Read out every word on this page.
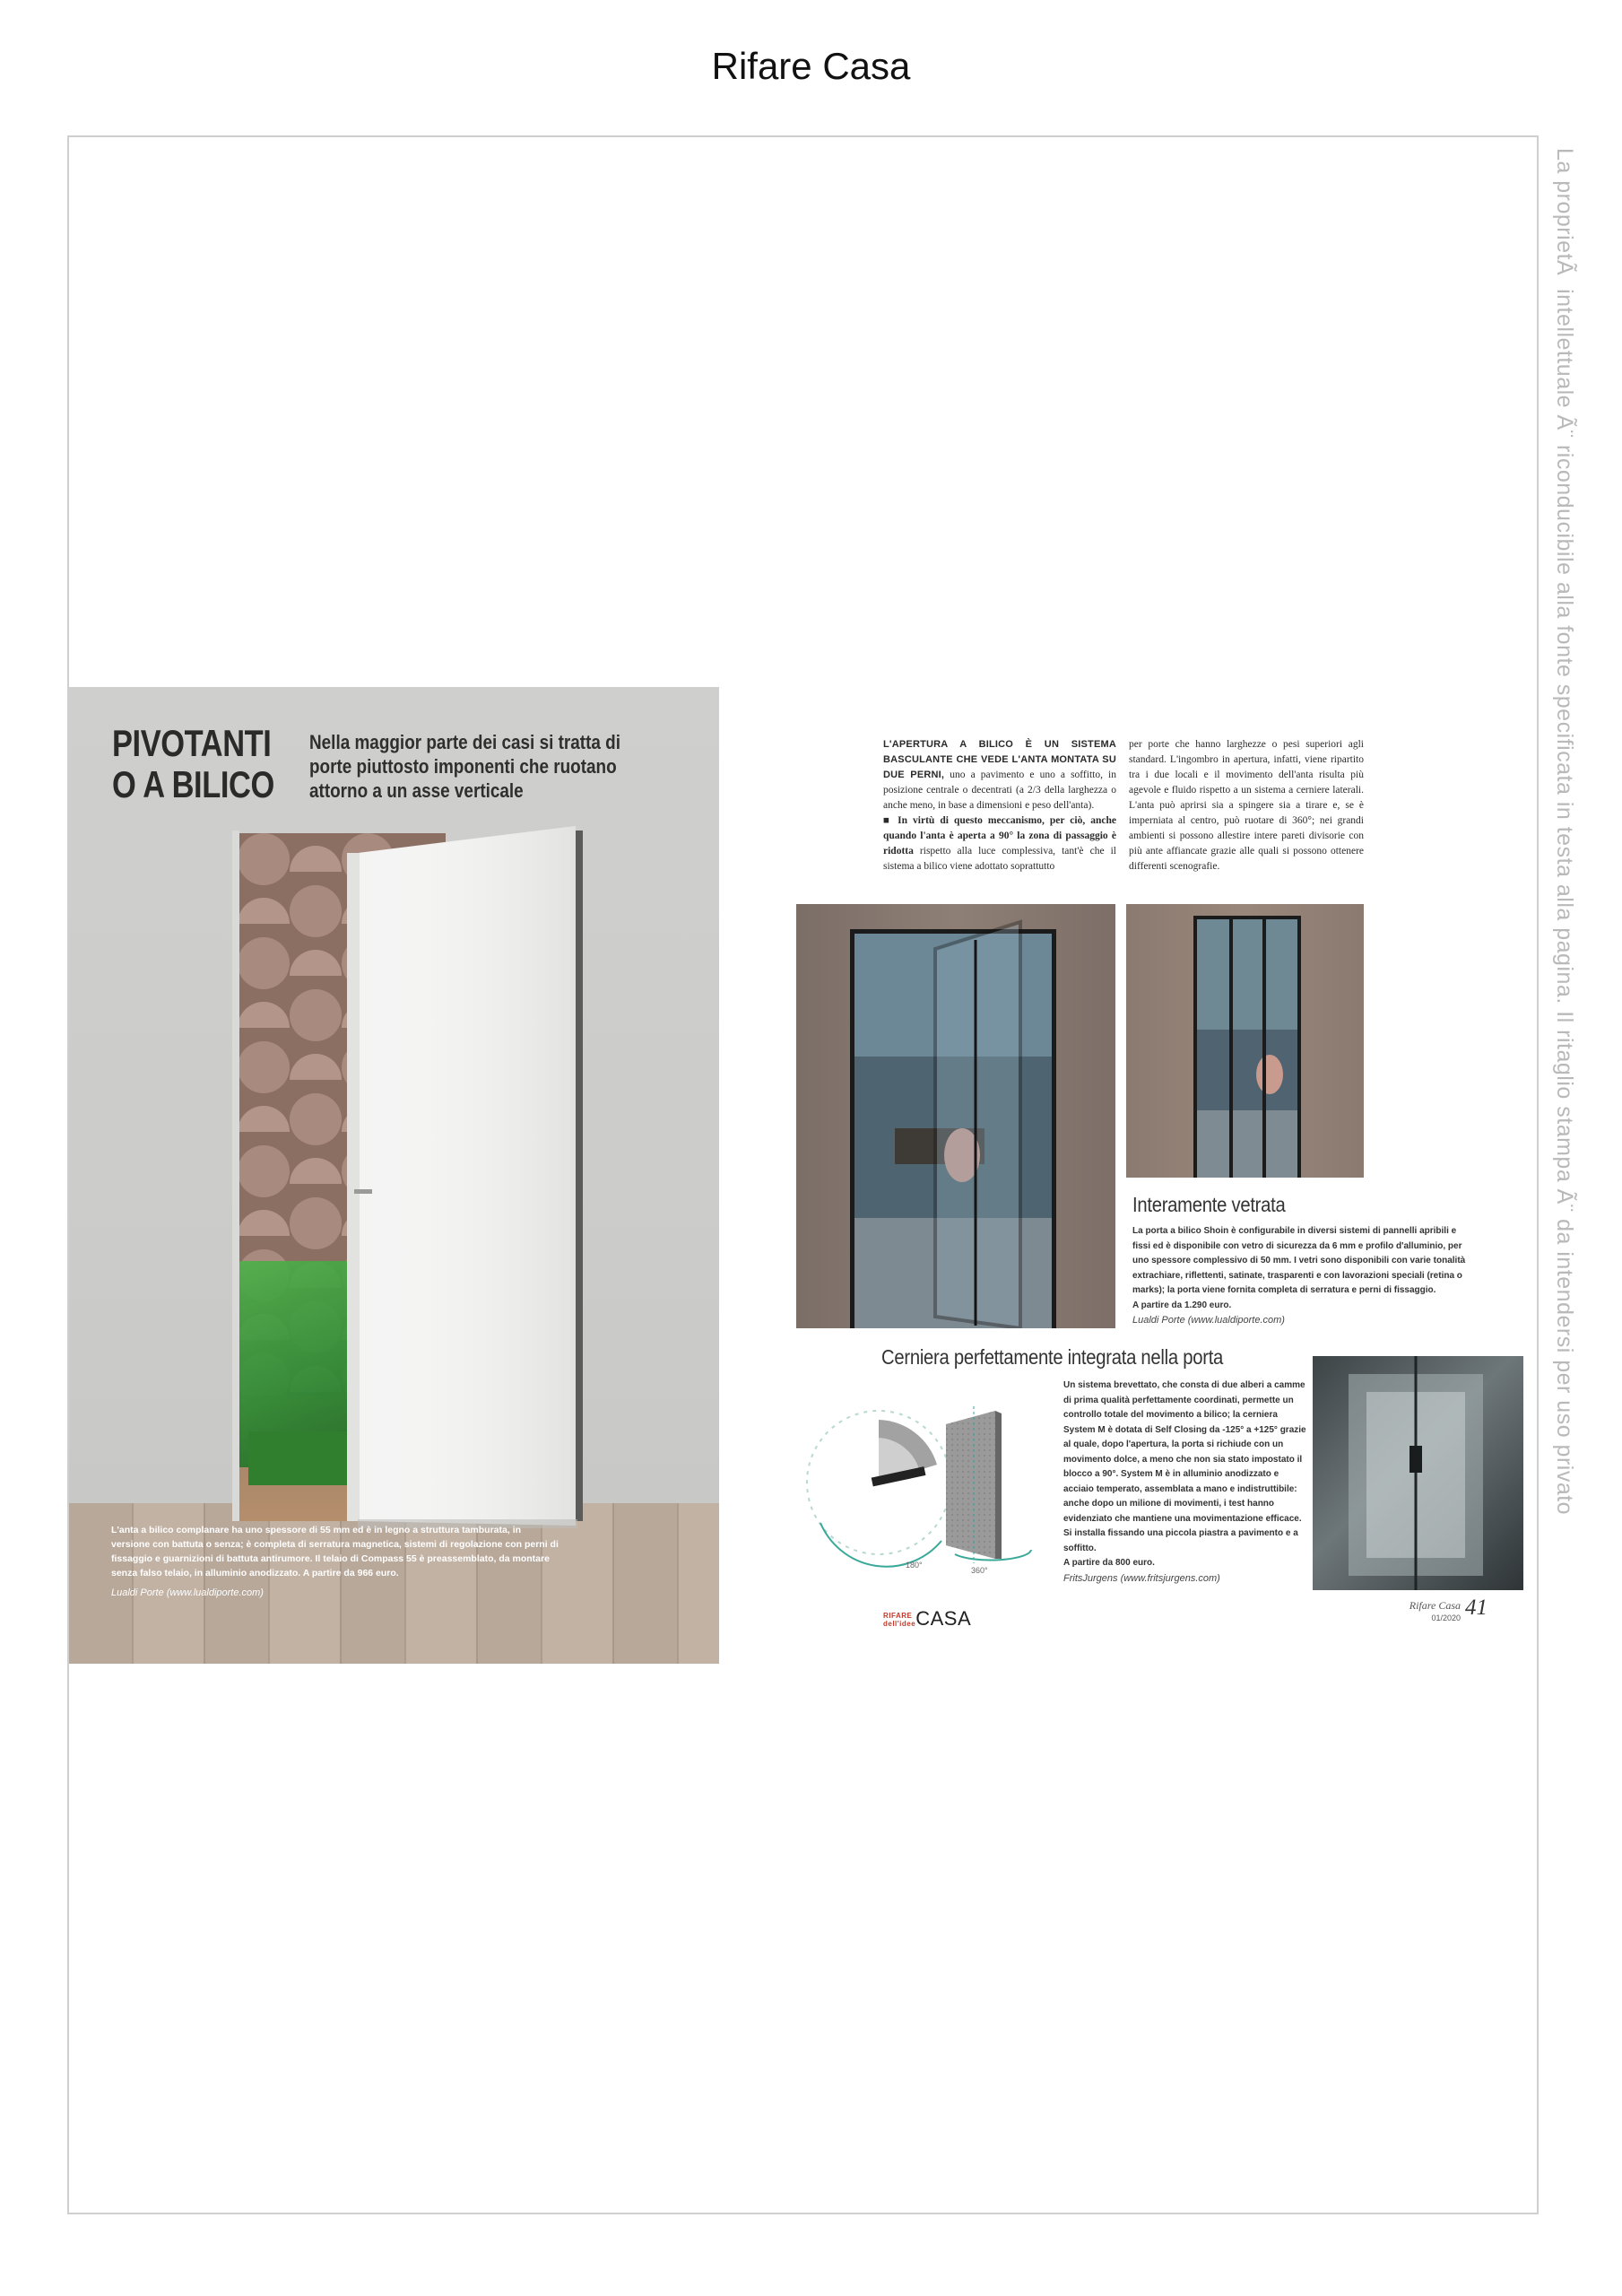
Rifare Casa
La proprietÃ  intellettuale Ã¨ riconducibile alla fonte specificata in testa alla pagina. Il ritaglio stampa Ã¨ da intendersi per uso privato
PIVOTANTI
O A BILICO
Nella maggior parte dei casi si tratta di porte piuttosto imponenti che ruotano attorno a un asse verticale
L'anta a bilico complanare ha uno spessore di 55 mm ed è in legno a struttura tamburata, in versione con battuta o senza; è completa di serratura magnetica, sistemi di regolazione con perni di fissaggio e guarnizioni di battuta antirumore. Il telaio di Compass 55 è preassemblato, da montare senza falso telaio, in alluminio anodizzato. A partire da 966 euro.
Lualdi Porte (www.lualdiporte.com)
L'APERTURA A BILICO È UN SISTEMA BASCULANTE CHE VEDE L'ANTA MONTATA SU DUE PERNI, uno a pavimento e uno a soffitto, in posizione centrale o decentrati (a 2/3 della larghezza o anche meno, in base a dimensioni e peso dell'anta).
■ In virtù di questo meccanismo, per ciò, anche quando l'anta è aperta a 90° la zona di passaggio è ridotta rispetto alla luce complessiva, tant'è che il sistema a bilico viene adottato soprattutto
per porte che hanno larghezze o pesi superiori agli standard. L'ingombro in apertura, infatti, viene ripartito tra i due locali e il movimento dell'anta risulta più agevole e fluido rispetto a un sistema a cerniere laterali. L'anta può aprirsi sia a spingere sia a tirare e, se è imperniata al centro, può ruotare di 360°; nei grandi ambienti si possono allestire intere pareti divisorie con più ante affiancate grazie alle quali si possono ottenere differenti scenografie.
Interamente vetrata
La porta a bilico Shoin è configurabile in diversi sistemi di pannelli apribili e fissi ed è disponibile con vetro di sicurezza da 6 mm e profilo d'alluminio, per uno spessore complessivo di 50 mm. I vetri sono disponibili con varie tonalità extrachiare, riflettenti, satinate, trasparenti e con lavorazioni speciali (retina o marks); la porta viene fornita completa di serratura e perni di fissaggio.
A partire da 1.290 euro.
Lualdi Porte (www.lualdiporte.com)
Cerniera perfettamente integrata nella porta
180°
360°
Un sistema brevettato, che consta di due alberi a camme di prima qualità perfettamente coordinati, permette un controllo totale del movimento a bilico; la cerniera System M è dotata di Self Closing da -125° a +125° grazie al quale, dopo l'apertura, la porta si richiude con un movimento dolce, a meno che non sia stato impostato il blocco a 90°. System M è in alluminio anodizzato e acciaio temperato, assemblata a mano e indistruttibile: anche dopo un milione di movimenti, i test hanno evidenziato che mantiene una movimentazione efficace. Si installa fissando una piccola piastra a pavimento e a soffitto.
A partire da 800 euro.
FritsJurgens (www.fritsjurgens.com)
RIFARE
dell'ideeCASA
Rifare Casa
01/2020 41
